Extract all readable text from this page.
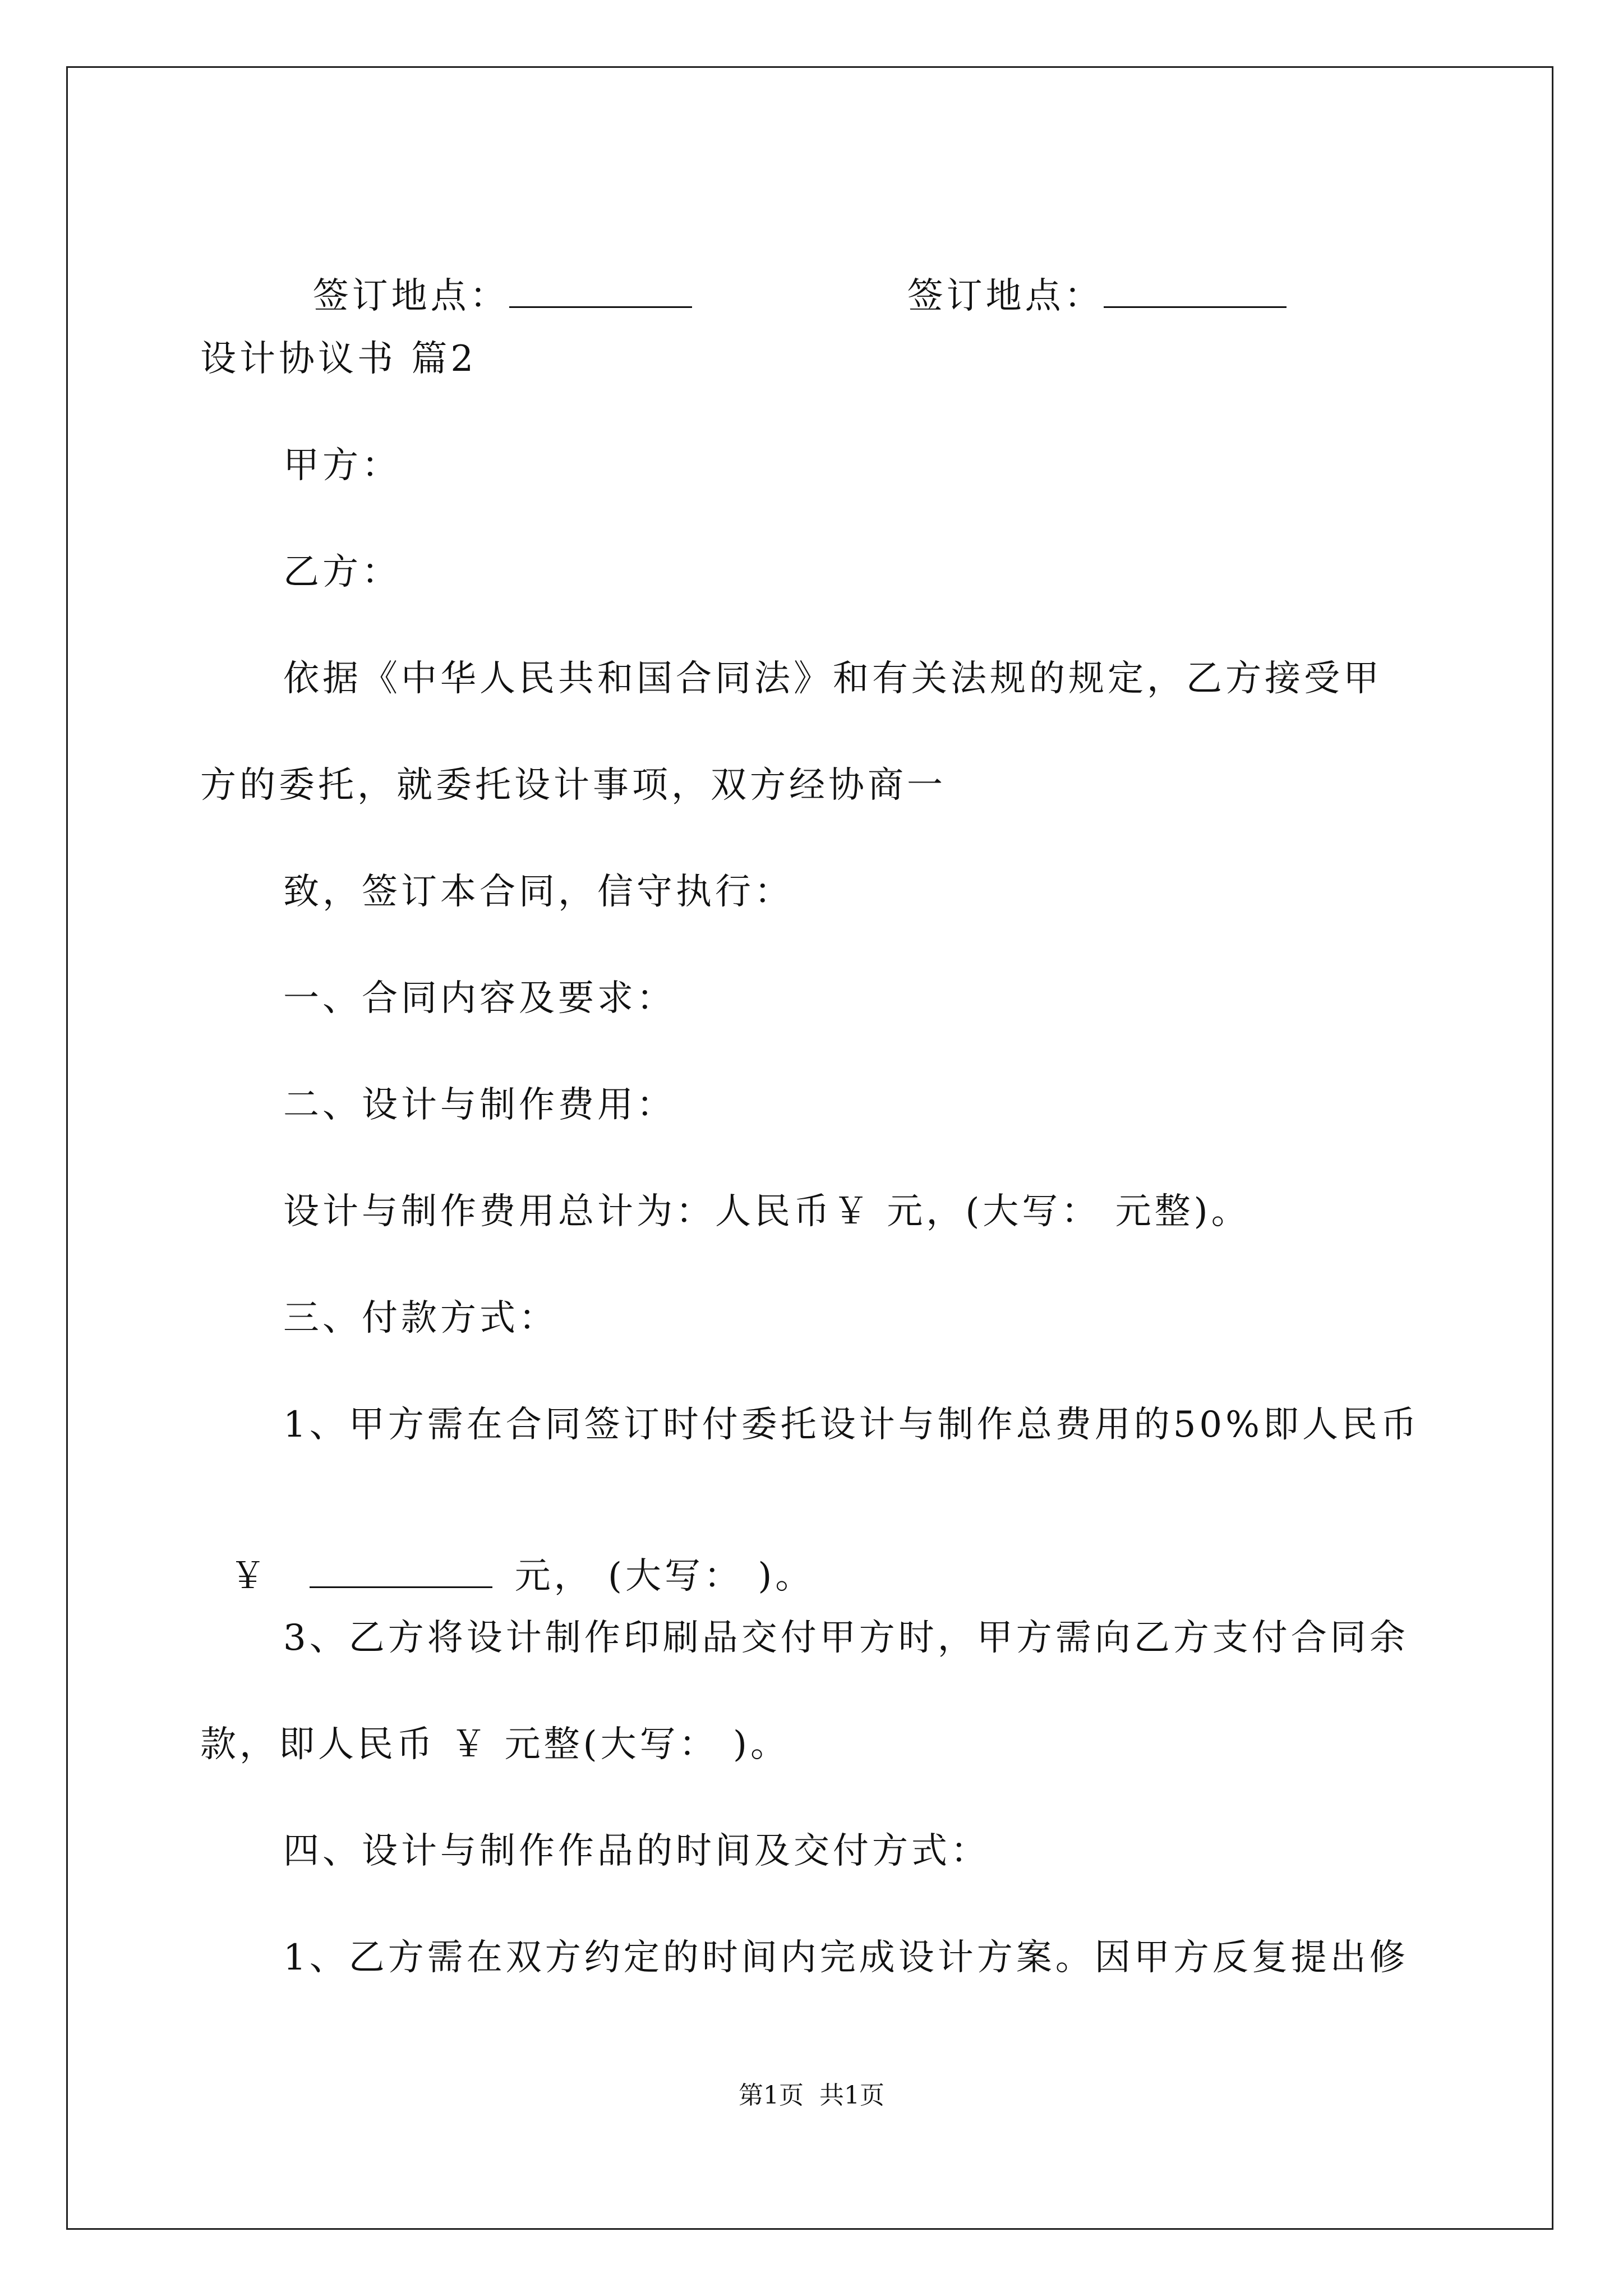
签订地点：	签订地点：

设计协议书 篇2
甲方：
乙方：
依据《中华人民共和国合同法》和有关法规的规定，乙方接受甲
方的委托，就委托设计事项，双方经协商一
致，签订本合同，信守执行：
一、合同内容及要求：
二、设计与制作费用：
设计与制作费用总计为：人民币￥ 元，(大写： 元整)。
三、付款方式：
1、甲方需在合同签订时付委托设计与制作总费用的50%即人民币

￥	元， (大写： )。

3、乙方将设计制作印刷品交付甲方时，甲方需向乙方支付合同余
款，即人民币 ￥ 元整(大写： )。
四、设计与制作作品的时间及交付方式：
1、乙方需在双方约定的时间内完成设计方案。因甲方反复提出修
第1页  共1页
